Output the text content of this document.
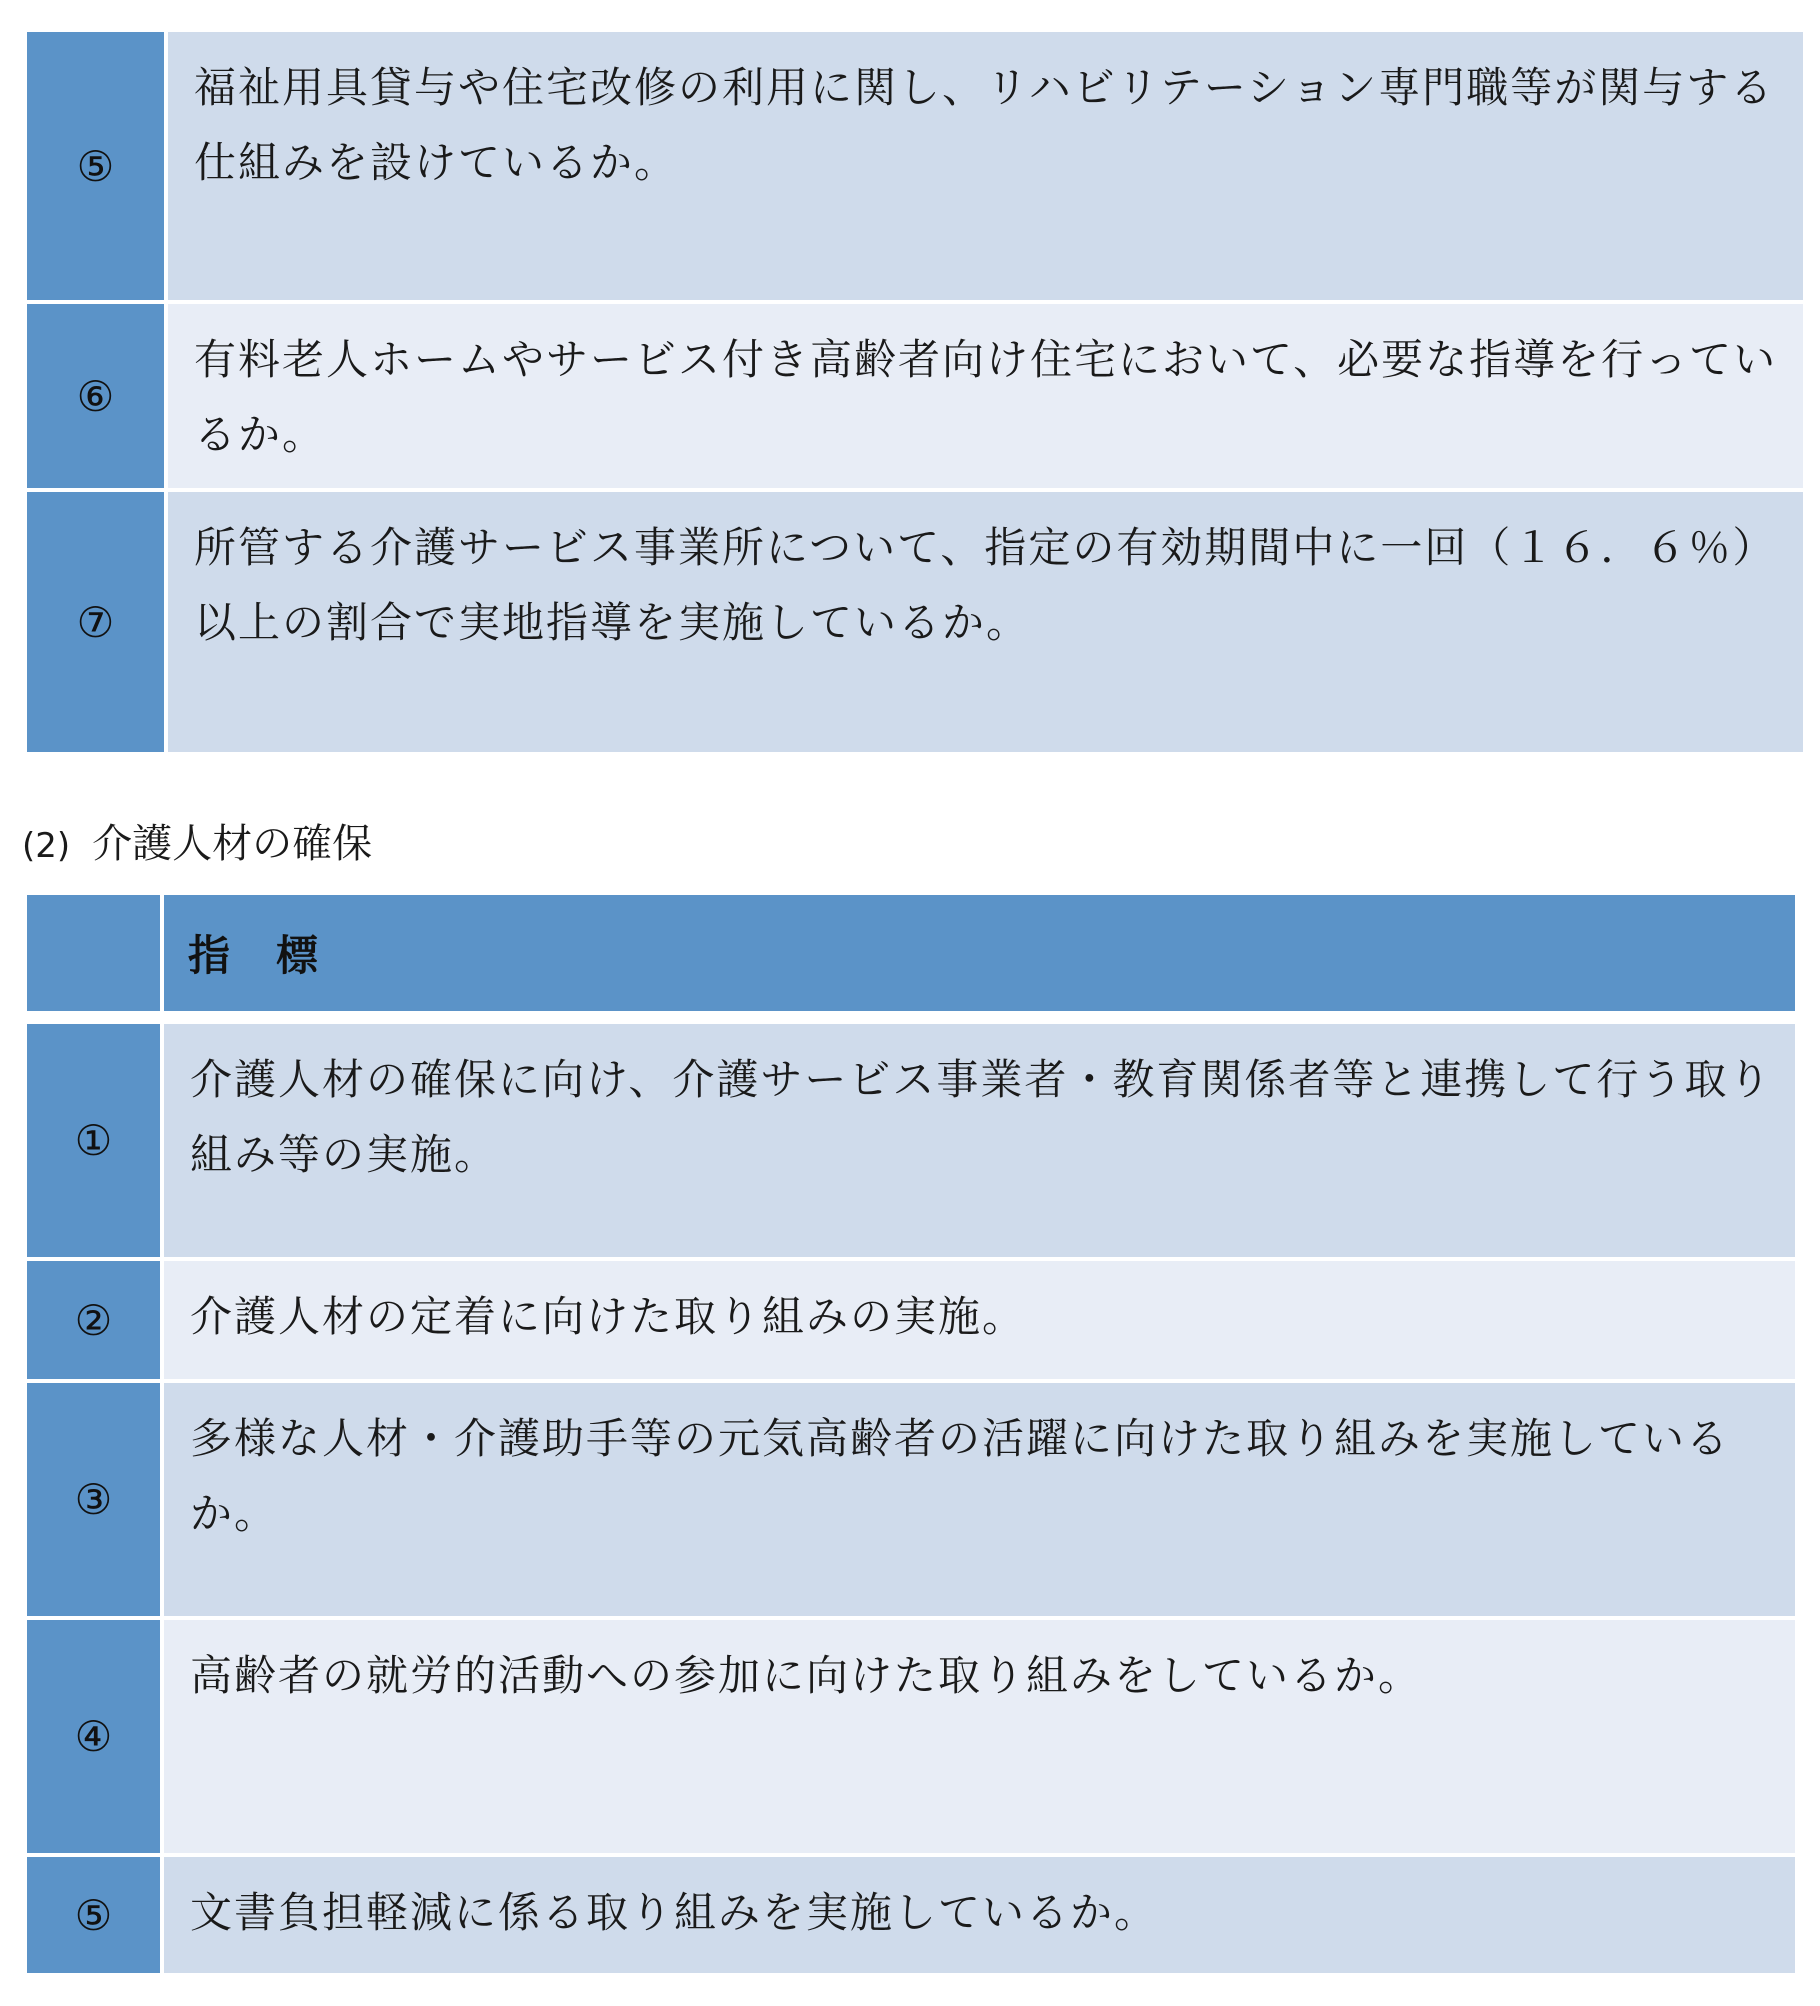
⑤	福祉用具貸与や住宅改修の利用に関し、リハビリテーション専門職等が関与する仕組みを設けているか。
⑥	有料老人ホームやサービス付き高齢者向け住宅において、必要な指導を行っているか。
⑦	所管する介護サービス事業所について、指定の有効期間中に一回（１６．６％）以上の割合で実地指導を実施しているか。
(2) 介護人材の確保
	指　標
①	介護人材の確保に向け、介護サービス事業者・教育関係者等と連携して行う取り組み等の実施。
②	介護人材の定着に向けた取り組みの実施。
③	多様な人材・介護助手等の元気高齢者の活躍に向けた取り組みを実施しているか。
④	高齢者の就労的活動への参加に向けた取り組みをしているか。
⑤	文書負担軽減に係る取り組みを実施しているか。
